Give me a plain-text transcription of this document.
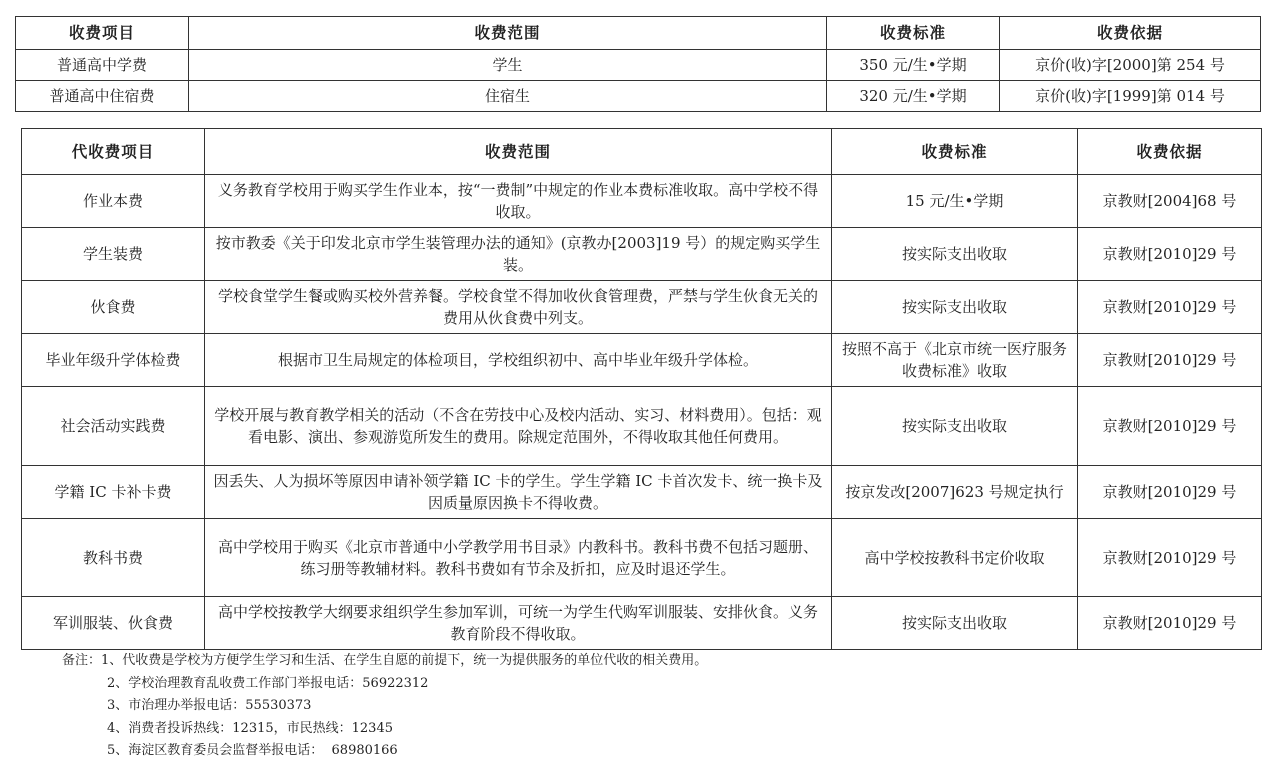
收费项目	收费范围	收费标准	收费依据
普通高中学费	学生	350 元/生•学期	京价(收)字[2000]第 254 号
普通高中住宿费	住宿生	320 元/生•学期	京价(收)字[1999]第 014 号
代收费项目	收费范围	收费标准	收费依据
作业本费	义务教育学校用于购买学生作业本，按“一费制”中规定的作业本费标准收取。高中学校不得收取。	15 元/生•学期	京教财[2004]68 号
学生装费	按市教委《关于印发北京市学生装管理办法的通知》(京教办[2003]19 号）的规定购买学生装。	按实际支出收取	京教财[2010]29 号
伙食费	学校食堂学生餐或购买校外营养餐。学校食堂不得加收伙食管理费，严禁与学生伙食无关的费用从伙食费中列支。	按实际支出收取	京教财[2010]29 号
毕业年级升学体检费	根据市卫生局规定的体检项目，学校组织初中、高中毕业年级升学体检。	按照不高于《北京市统一医疗服务收费标准》收取	京教财[2010]29 号
社会活动实践费	学校开展与教育教学相关的活动（不含在劳技中心及校内活动、实习、材料费用）。包括：观看电影、演出、参观游览所发生的费用。除规定范围外，不得收取其他任何费用。	按实际支出收取	京教财[2010]29 号
学籍 IC 卡补卡费	因丢失、人为损坏等原因申请补领学籍 IC 卡的学生。学生学籍 IC 卡首次发卡、统一换卡及因质量原因换卡不得收费。	按京发改[2007]623 号规定执行	京教财[2010]29 号
教科书费	高中学校用于购买《北京市普通中小学教学用书目录》内教科书。教科书费不包括习题册、练习册等教辅材料。教科书费如有节余及折扣，应及时退还学生。	高中学校按教科书定价收取	京教财[2010]29 号
军训服装、伙食费	高中学校按教学大纲要求组织学生参加军训，可统一为学生代购军训服装、安排伙食。义务教育阶段不得收取。	按实际支出收取	京教财[2010]29 号
备注：1、代收费是学校为方便学生学习和生活、在学生自愿的前提下，统一为提供服务的单位代收的相关费用。
2、学校治理教育乱收费工作部门举报电话：56922312
3、市治理办举报电话：55530373
4、消费者投诉热线：12315，市民热线：12345
5、海淀区教育委员会监督举报电话：  68980166
